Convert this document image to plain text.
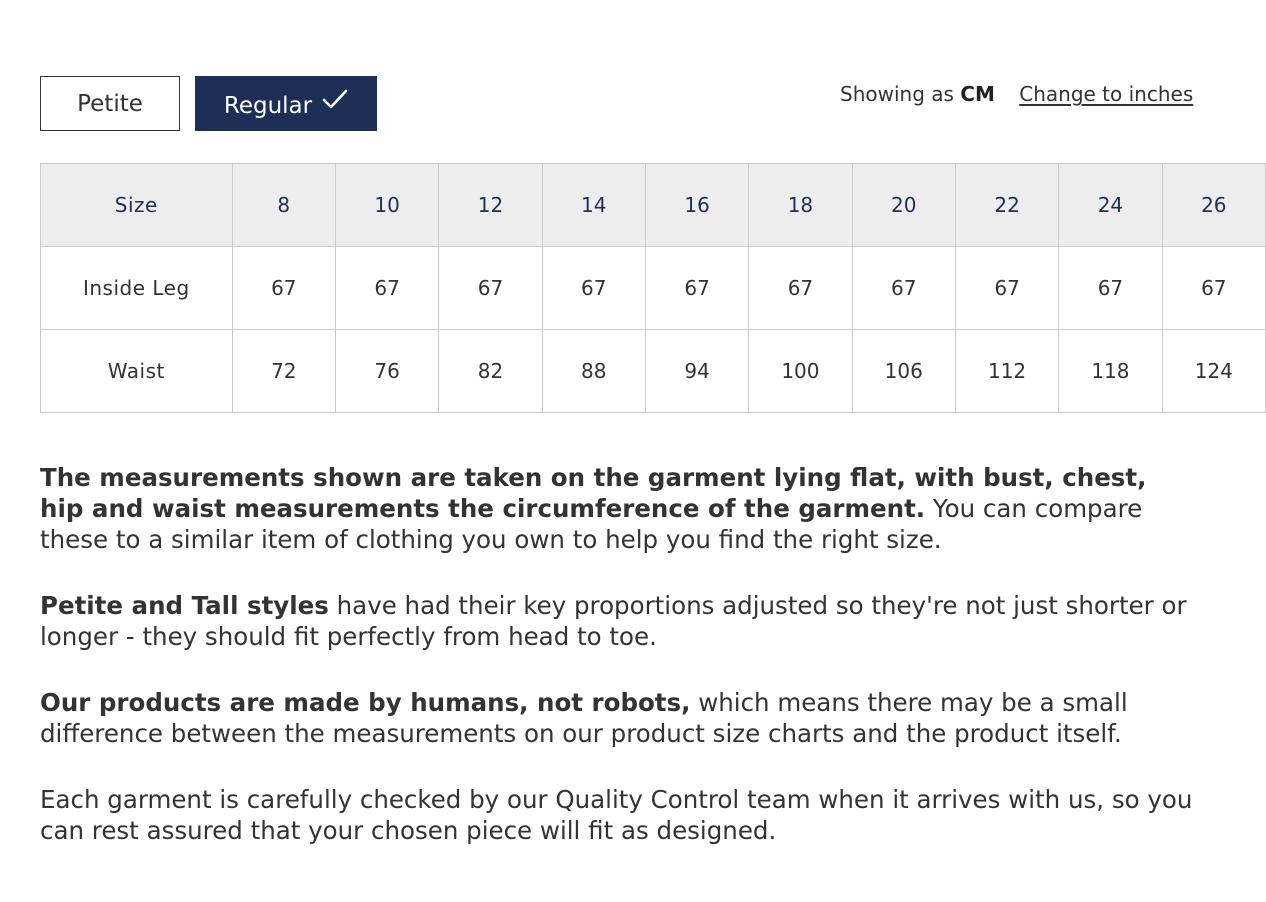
Petite	Regular	Showing as CM Change to inches
Size	8	10	12	14	16	18	20	22	24	26
Inside Leg	67	67	67	67	67	67	67	67	67	67
Waist	72	76	82	88	94	100	106	112	118	124

The measurements shown are taken on the garment lying flat, with bust, chest, hip and waist measurements the circumference of the garment. You can compare these to a similar item of clothing you own to help you find the right size.

Petite and Tall styles have had their key proportions adjusted so they're not just shorter or longer - they should fit perfectly from head to toe.

Our products are made by humans, not robots, which means there may be a small difference between the measurements on our product size charts and the product itself.

Each garment is carefully checked by our Quality Control team when it arrives with us, so you can rest assured that your chosen piece will fit as designed.
